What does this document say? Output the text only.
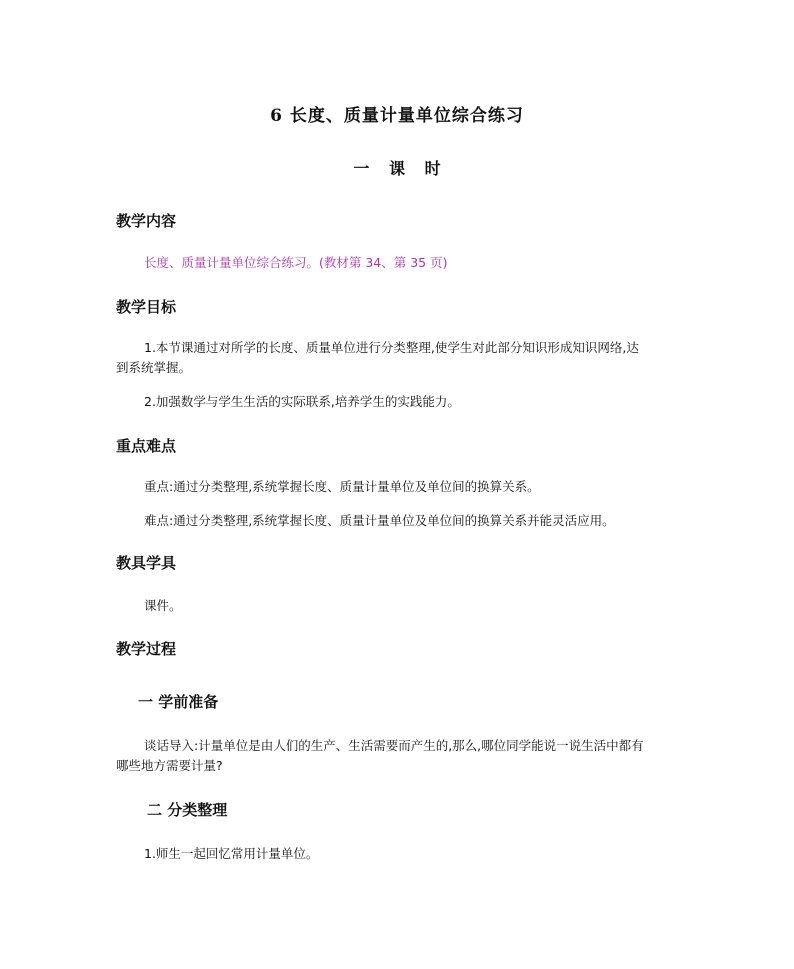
6 长度、质量计量单位综合练习
一 课 时
教学内容
长度、质量计量单位综合练习。(教材第 34、第 35 页)
教学目标
1.本节课通过对所学的长度、质量单位进行分类整理,使学生对此部分知识形成知识网络,达
到系统掌握。
2.加强数学与学生生活的实际联系,培养学生的实践能力。
重点难点
重点:通过分类整理,系统掌握长度、质量计量单位及单位间的换算关系。
难点:通过分类整理,系统掌握长度、质量计量单位及单位间的换算关系并能灵活应用。
教具学具
课件。
教学过程
一 学前准备
谈话导入:计量单位是由人们的生产、生活需要而产生的,那么,哪位同学能说一说生活中都有
哪些地方需要计量?
二 分类整理
1.师生一起回忆常用计量单位。
